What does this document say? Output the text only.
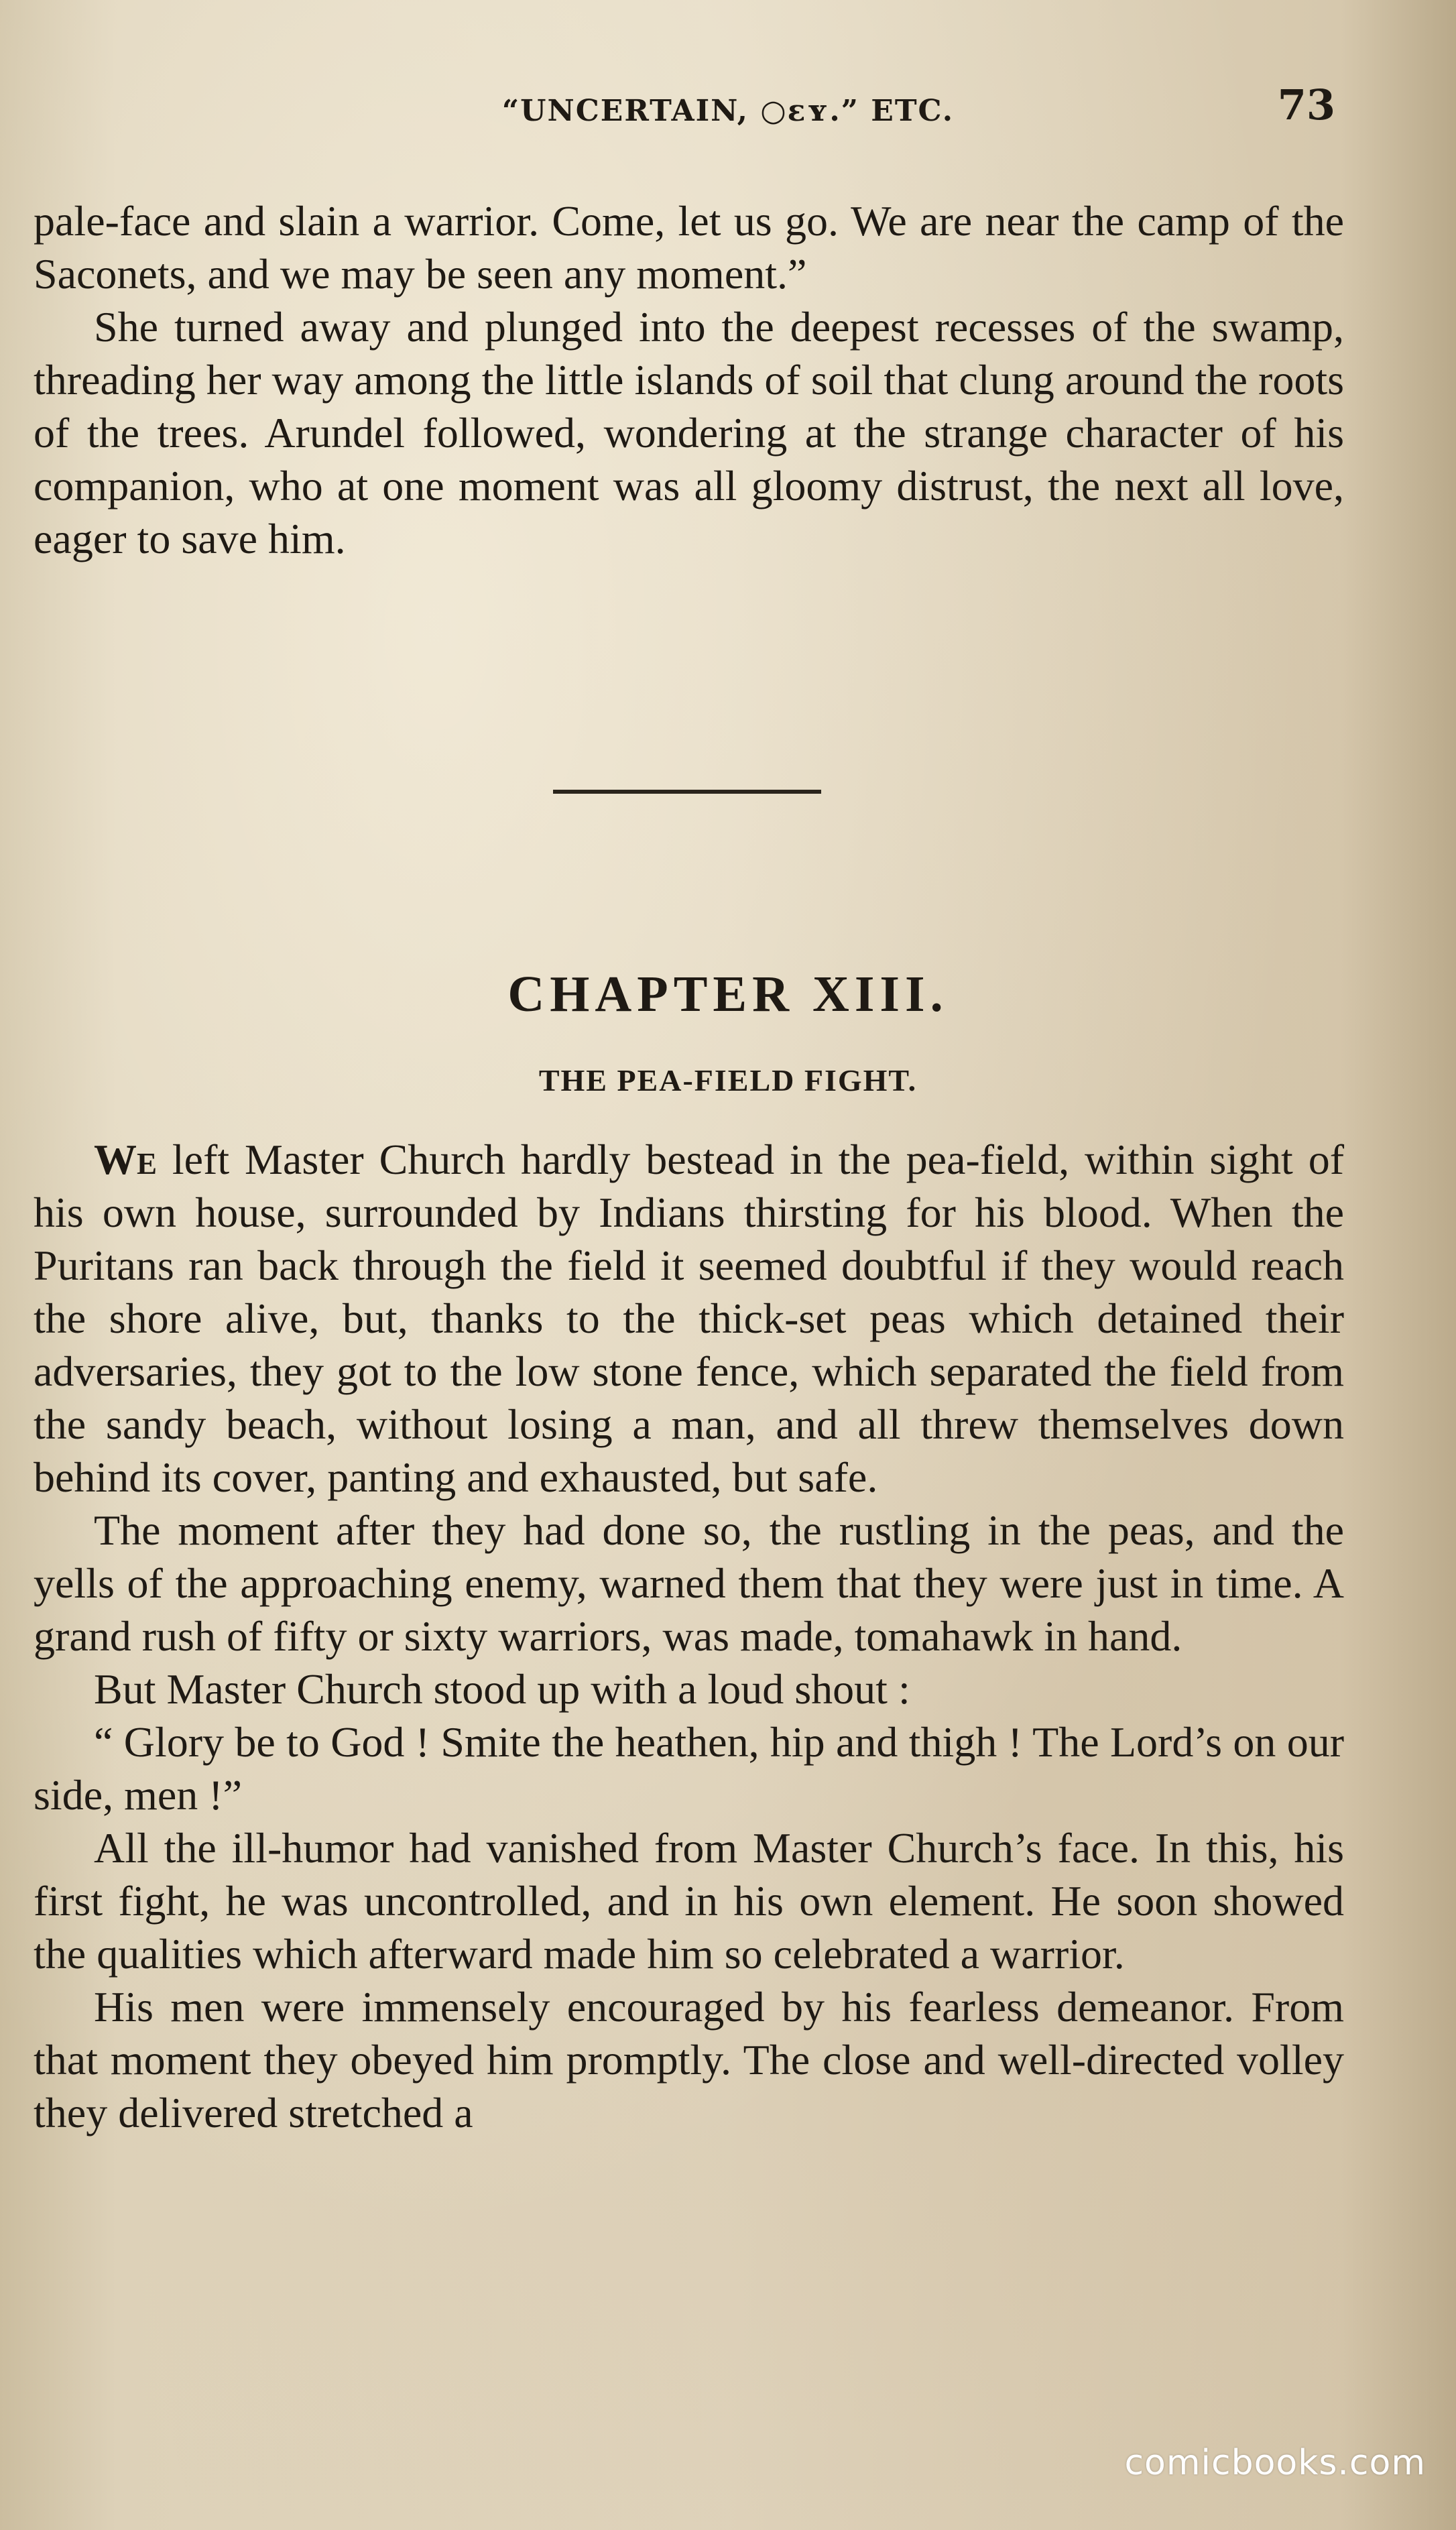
“UNCERTAIN, ○ɛʏ.” ETC.	73

pale-face and slain a warrior. Come, let us go. We are near the camp of the Saconets, and we may be seen any moment.”

She turned away and plunged into the deepest recesses of the swamp, threading her way among the little islands of soil that clung around the roots of the trees. Arundel followed, wondering at the strange character of his companion, who at one moment was all gloomy distrust, the next all love, eager to save him.

CHAPTER XIII.
THE PEA-FIELD FIGHT.

We left Master Church hardly bestead in the pea-field, within sight of his own house, surrounded by Indians thirsting for his blood. When the Puritans ran back through the field it seemed doubtful if they would reach the shore alive, but, thanks to the thick-set peas which detained their adversaries, they got to the low stone fence, which separated the field from the sandy beach, without losing a man, and all threw themselves down behind its cover, panting and exhausted, but safe.

The moment after they had done so, the rustling in the peas, and the yells of the approaching enemy, warned them that they were just in time. A grand rush of fifty or sixty warriors, was made, tomahawk in hand.

But Master Church stood up with a loud shout :

“ Glory be to God ! Smite the heathen, hip and thigh ! The Lord’s on our side, men !”

All the ill-humor had vanished from Master Church’s face. In this, his first fight, he was uncontrolled, and in his own element. He soon showed the qualities which afterward made him so celebrated a warrior.

His men were immensely encouraged by his fearless demeanor. From that moment they obeyed him promptly. The close and well-directed volley they delivered stretched a

comicbooks.com
